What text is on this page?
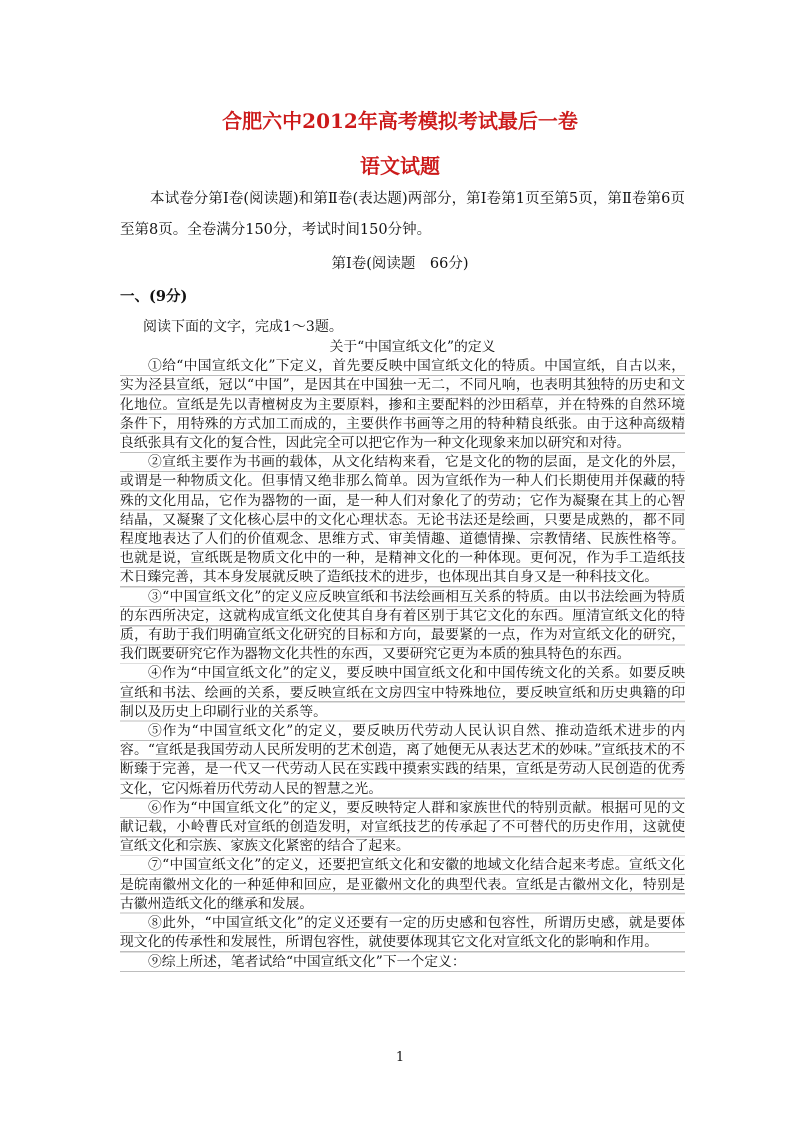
合肥六中2012年高考模拟考试最后一卷
语文试题
本试卷分第Ⅰ卷(阅读题)和第Ⅱ卷(表达题)两部分，第Ⅰ卷第1页至第5页，第Ⅱ卷第6页至第8页。全卷满分150分，考试时间150分钟。
第Ⅰ卷(阅读题　66分)
一、(9分)
阅读下面的文字，完成1～3题。

关于“中国宣纸文化”的定义

①给“中国宣纸文化”下定义，首先要反映中国宣纸文化的特质。中国宣纸，自古以来，实为泾县宣纸，冠以“中国”，是因其在中国独一无二，不同凡响，也表明其独特的历史和文化地位。宣纸是先以青檀树皮为主要原料，掺和主要配料的沙田稻草，并在特殊的自然环境条件下，用特殊的方式加工而成的，主要供作书画等之用的特种精良纸张。由于这种高级精良纸张具有文化的复合性，因此完全可以把它作为一种文化现象来加以研究和对待。

②宣纸主要作为书画的载体，从文化结构来看，它是文化的物的层面，是文化的外层，或谓是一种物质文化。但事情又绝非那么简单。因为宣纸作为一种人们长期使用并保藏的特殊的文化用品，它作为器物的一面，是一种人们对象化了的劳动；它作为凝聚在其上的心智结晶，又凝聚了文化核心层中的文化心理状态。无论书法还是绘画，只要是成熟的，都不同程度地表达了人们的价值观念、思维方式、审美情趣、道德情操、宗教情绪、民族性格等。也就是说，宣纸既是物质文化中的一种，是精神文化的一种体现。更何况，作为手工造纸技术日臻完善，其本身发展就反映了造纸技术的进步，也体现出其自身又是一种科技文化。

③“中国宣纸文化”的定义应反映宣纸和书法绘画相互关系的特质。由以书法绘画为特质的东西所决定，这就构成宣纸文化使其自身有着区别于其它文化的东西。厘清宣纸文化的特质，有助于我们明确宣纸文化研究的目标和方向，最要紧的一点，作为对宣纸文化的研究，我们既要研究它作为器物文化共性的东西，又要研究它更为本质的独具特色的东西。

④作为“中国宣纸文化”的定义，要反映中国宣纸文化和中国传统文化的关系。如要反映宣纸和书法、绘画的关系，要反映宣纸在文房四宝中特殊地位，要反映宣纸和历史典籍的印制以及历史上印刷行业的关系等。

⑤作为“中国宣纸文化”的定义，要反映历代劳动人民认识自然、推动造纸术进步的内容。“宣纸是我国劳动人民所发明的艺术创造，离了她便无从表达艺术的妙味。”宣纸技术的不断臻于完善，是一代又一代劳动人民在实践中摸索实践的结果，宣纸是劳动人民创造的优秀文化，它闪烁着历代劳动人民的智慧之光。

⑥作为“中国宣纸文化”的定义，要反映特定人群和家族世代的特别贡献。根据可见的文献记载，小岭曹氏对宣纸的创造发明，对宣纸技艺的传承起了不可替代的历史作用，这就使宣纸文化和宗族、家族文化紧密的结合了起来。

⑦“中国宣纸文化”的定义，还要把宣纸文化和安徽的地域文化结合起来考虑。宣纸文化是皖南徽州文化的一种延伸和回应，是亚徽州文化的典型代表。宣纸是古徽州文化，特别是古徽州造纸文化的继承和发展。

⑧此外，“中国宣纸文化”的定义还要有一定的历史感和包容性，所谓历史感，就是要体现文化的传承性和发展性，所谓包容性，就使要体现其它文化对宣纸文化的影响和作用。

⑨综上所述，笔者试给“中国宣纸文化”下一个定义：

1
